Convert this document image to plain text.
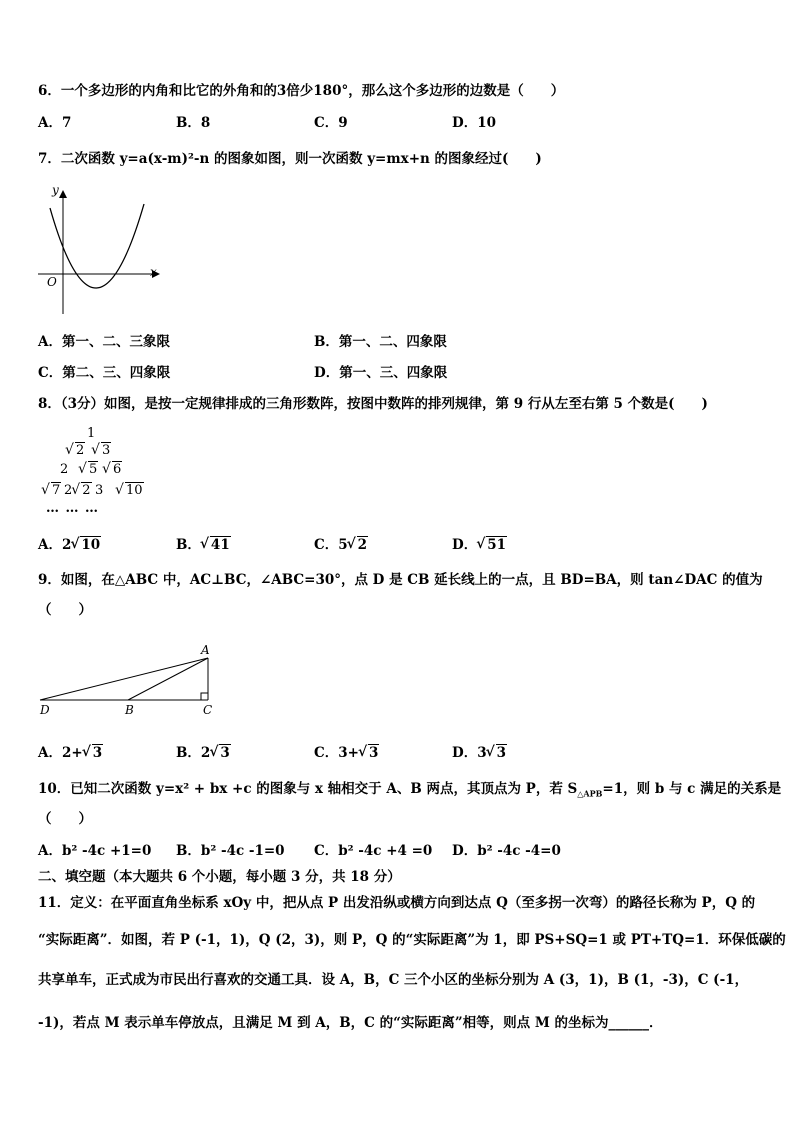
6．一个多边形的内角和比它的外角和的3倍少180°，那么这个多边形的边数是（　　）
A．7	B．8	C．9	D．10
7．二次函数 y=a(x-m)²-n 的图象如图，则一次函数 y=mx+n 的图象经过(　　)
y
x
O
A．第一、二、三象限	B．第一、二、四象限
C．第二、三、四象限	D．第一、三、四象限
8．（3分）如图，是按一定规律排成的三角形数阵，按图中数阵的排列规律，第 9 行从左至右第 5 个数是(　　)
1
√ 2	√ 3
2	√ 5	√ 6
√ 7 2 √ 2 3	√ 10
… … …
A．2 √ 10	B． √ 41	C．5 √ 2	D． √ 51
9．如图，在△ABC 中，AC⊥BC，∠ABC=30°，点 D 是 CB 延长线上的一点，且 BD=BA，则 tan∠DAC 的值为
（　　）
A
B	C
D
A．2+ √ 3	B．2 √ 3	C．3+ √ 3	D．3 √ 3
10．已知二次函数 y=x² + bx +c 的图象与 x 轴相交于 A、B 两点，其顶点为 P，若 $S_{\triangle APB}=1$，则 b 与 c 满足的关系是
（　　）
A．b² -4c +1=0 B．b² -4c -1=0 C．b² -4c +4 =0 D．b² -4c -4=0
二、填空题（本大题共 6 个小题，每小题 3 分，共 18 分）
11．定义：在平面直角坐标系 xOy 中，把从点 P 出发沿纵或横方向到达点 Q（至多拐一次弯）的路径长称为 P，Q 的
“实际距离”．如图，若 P (-1，1)，Q (2，3)，则 P，Q 的“实际距离”为 1，即 PS+SQ=1 或 PT+TQ=1．环保低碳的
共享单车，正式成为市民出行喜欢的交通工具．设 A，B，C 三个小区的坐标分别为 A (3，1)，B (1，-3)，C (-1，
-1)，若点 M 表示单车停放点，且满足 M 到 A，B，C 的“实际距离”相等，则点 M 的坐标为______．
